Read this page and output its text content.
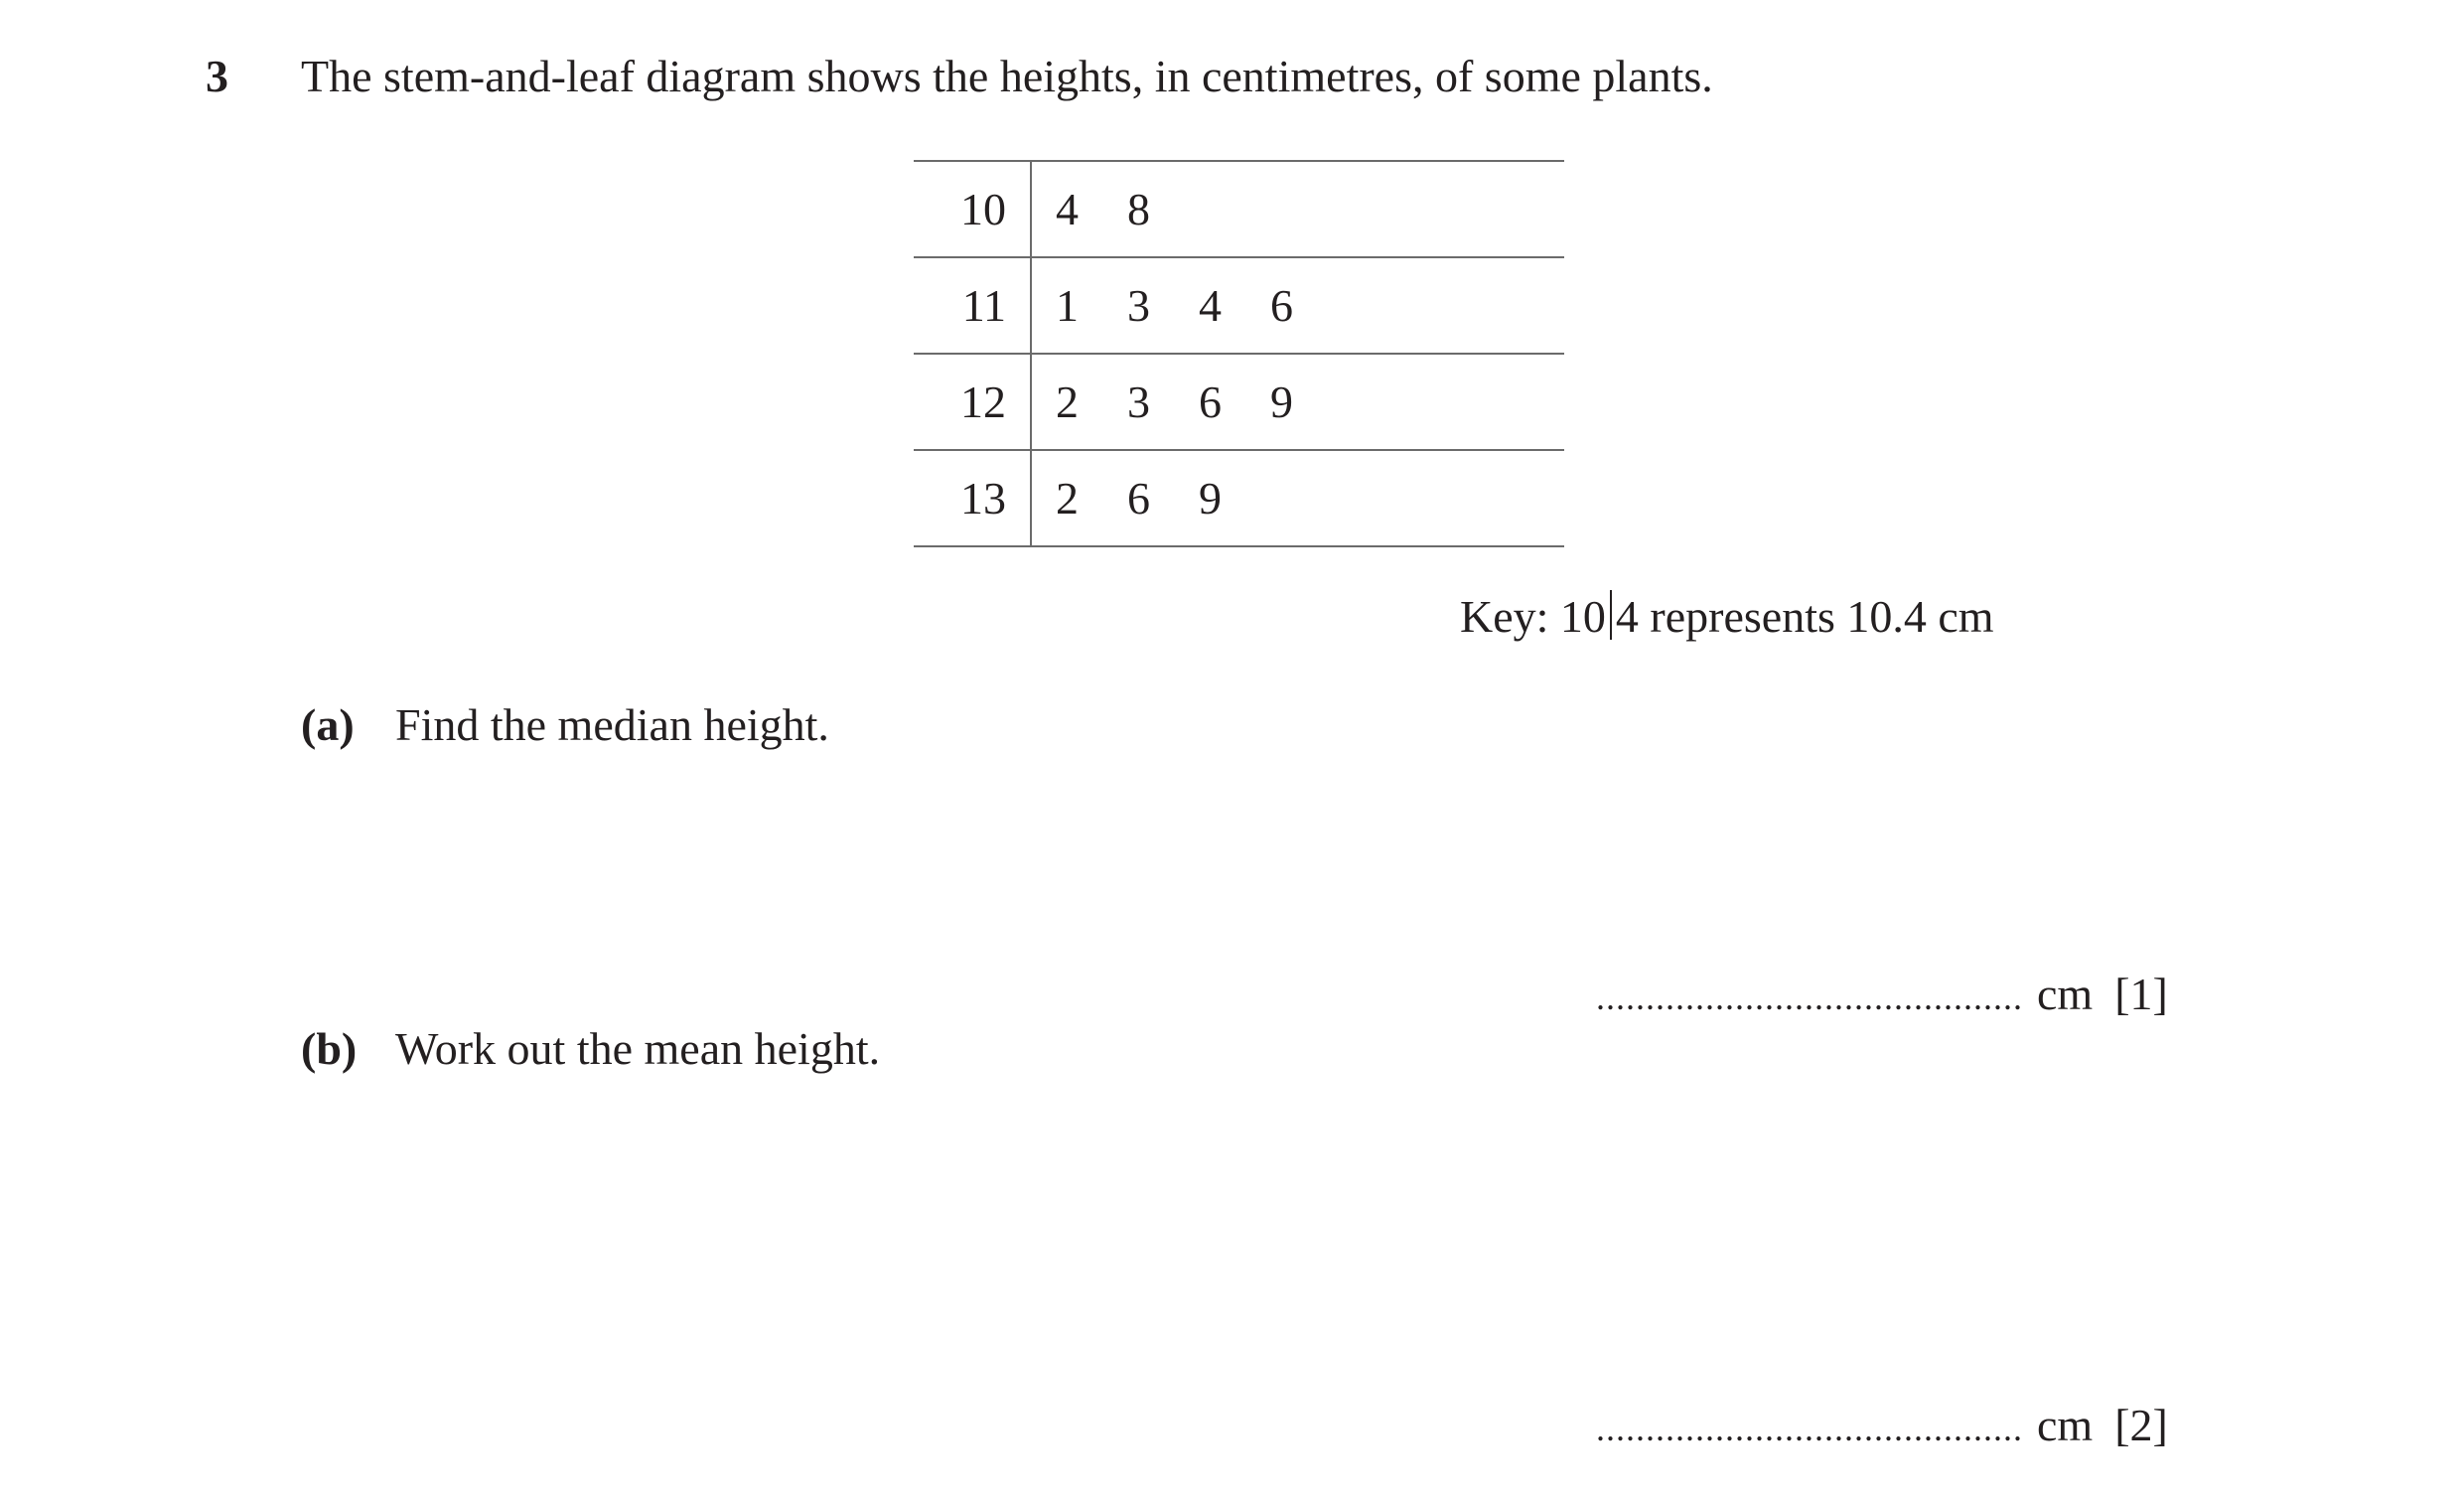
3 The stem-and-leaf diagram shows the heights, in centimetres, of some plants.
10	4 8
11	1 3 4 6
12	2 3 6 9
13	2 6 9
Key: 10 4 represents 10.4 cm
(a) Find the median height.
........................................... cm [1]
(b) Work out the mean height.
........................................... cm [2]
